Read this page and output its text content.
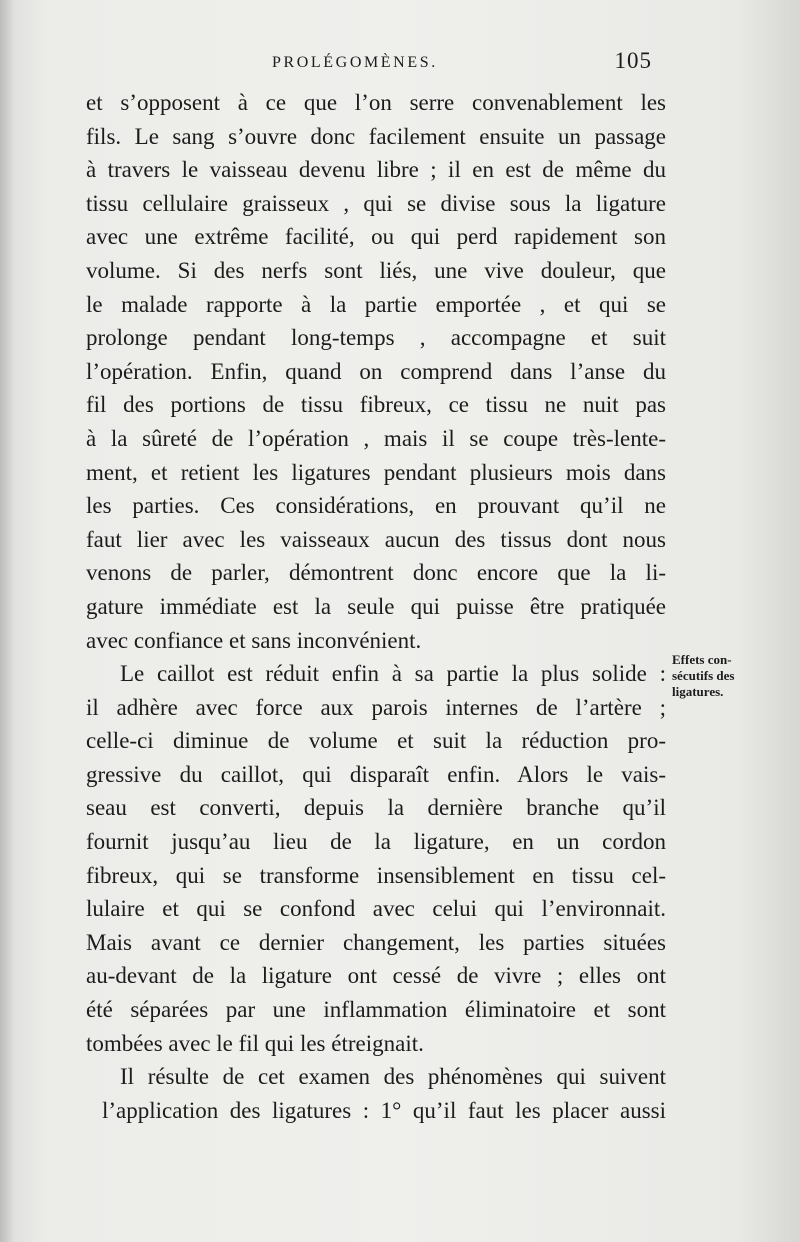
PROLÉGOMÈNES.	105
et s’opposent à ce que l’on serre convenablement les
fils. Le sang s’ouvre donc facilement ensuite un passage
à travers le vaisseau devenu libre ; il en est de même du
tissu cellulaire graisseux , qui se divise sous la ligature
avec une extrême facilité, ou qui perd rapidement son
volume. Si des nerfs sont liés, une vive douleur, que
le malade rapporte à la partie emportée , et qui se
prolonge pendant long-temps , accompagne et suit
l’opération. Enfin, quand on comprend dans l’anse du
fil des portions de tissu fibreux, ce tissu ne nuit pas
à la sûreté de l’opération , mais il se coupe très-lente-
ment, et retient les ligatures pendant plusieurs mois dans
les parties. Ces considérations, en prouvant qu’il ne
faut lier avec les vaisseaux aucun des tissus dont nous
venons de parler, démontrent donc encore que la li-
gature immédiate est la seule qui puisse être pratiquée
avec confiance et sans inconvénient.
Le caillot est réduit enfin à sa partie la plus solide :
il adhère avec force aux parois internes de l’artère ;
celle-ci diminue de volume et suit la réduction pro-
gressive du caillot, qui disparaît enfin. Alors le vais-
seau est converti, depuis la dernière branche qu’il
fournit jusqu’au lieu de la ligature, en un cordon
fibreux, qui se transforme insensiblement en tissu cel-
lulaire et qui se confond avec celui qui l’environnait.
Mais avant ce dernier changement, les parties situées
au-devant de la ligature ont cessé de vivre ; elles ont
été séparées par une inflammation éliminatoire et sont
tombées avec le fil qui les étreignait.
Il résulte de cet examen des phénomènes qui suivent
l’application des ligatures : 1° qu’il faut les placer aussi
Effets con-
sécutifs des
ligatures.
